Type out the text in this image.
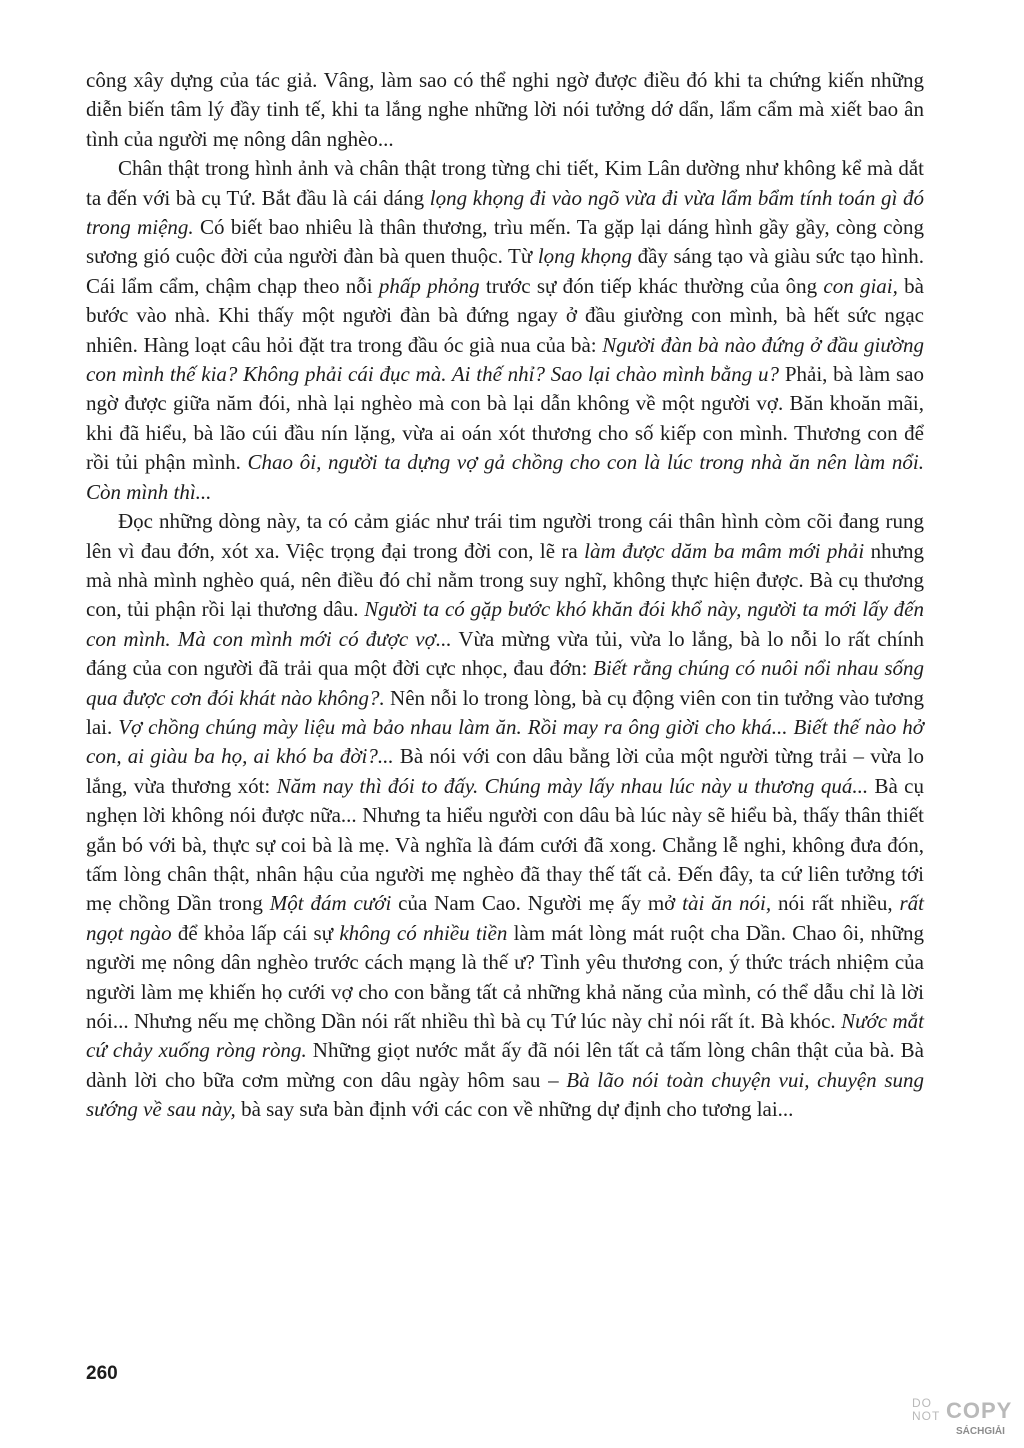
công xây dựng của tác giả. Vâng, làm sao có thể nghi ngờ được điều đó khi ta chứng kiến những diễn biến tâm lý đầy tinh tế, khi ta lắng nghe những lời nói tưởng dớ dẩn, lẩm cẩm mà xiết bao ân tình của người mẹ nông dân nghèo...

Chân thật trong hình ảnh và chân thật trong từng chi tiết, Kim Lân dường như không kể mà dắt ta đến với bà cụ Tứ. Bắt đầu là cái dáng lọng khọng đi vào ngõ vừa đi vừa lẩm bẩm tính toán gì đó trong miệng. Có biết bao nhiêu là thân thương, trìu mến. Ta gặp lại dáng hình gầy gầy, còng còng sương gió cuộc đời của người đàn bà quen thuộc. Từ lọng khọng đầy sáng tạo và giàu sức tạo hình. Cái lẩm cẩm, chậm chạp theo nỗi phấp phỏng trước sự đón tiếp khác thường của ông con giai, bà bước vào nhà. Khi thấy một người đàn bà đứng ngay ở đầu giường con mình, bà hết sức ngạc nhiên. Hàng loạt câu hỏi đặt tra trong đầu óc già nua của bà: Người đàn bà nào đứng ở đầu giường con mình thế kia? Không phải cái đục mà. Ai thế nhỉ? Sao lại chào mình bằng u? Phải, bà làm sao ngờ được giữa năm đói, nhà lại nghèo mà con bà lại dẫn không về một người vợ. Băn khoăn mãi, khi đã hiểu, bà lão cúi đầu nín lặng, vừa ai oán xót thương cho số kiếp con mình. Thương con để rồi tủi phận mình. Chao ôi, người ta dựng vợ gả chồng cho con là lúc trong nhà ăn nên làm nổi. Còn mình thì...

Đọc những dòng này, ta có cảm giác như trái tim người trong cái thân hình còm cõi đang rung lên vì đau đớn, xót xa. Việc trọng đại trong đời con, lẽ ra làm được dăm ba mâm mới phải nhưng mà nhà mình nghèo quá, nên điều đó chỉ nằm trong suy nghĩ, không thực hiện được. Bà cụ thương con, tủi phận rồi lại thương dâu. Người ta có gặp bước khó khăn đói khổ này, người ta mới lấy đến con mình. Mà con mình mới có được vợ... Vừa mừng vừa tủi, vừa lo lắng, bà lo nỗi lo rất chính đáng của con người đã trải qua một đời cực nhọc, đau đớn: Biết rằng chúng có nuôi nổi nhau sống qua được cơn đói khát nào không?. Nên nỗi lo trong lòng, bà cụ động viên con tin tưởng vào tương lai. Vợ chồng chúng mày liệu mà bảo nhau làm ăn. Rồi may ra ông giời cho khá... Biết thế nào hở con, ai giàu ba họ, ai khó ba đời?... Bà nói với con dâu bằng lời của một người từng trải – vừa lo lắng, vừa thương xót: Năm nay thì đói to đấy. Chúng mày lấy nhau lúc này u thương quá... Bà cụ nghẹn lời không nói được nữa... Nhưng ta hiểu người con dâu bà lúc này sẽ hiểu bà, thấy thân thiết gắn bó với bà, thực sự coi bà là mẹ. Và nghĩa là đám cưới đã xong. Chẳng lễ nghi, không đưa đón, tấm lòng chân thật, nhân hậu của người mẹ nghèo đã thay thế tất cả. Đến đây, ta cứ liên tưởng tới mẹ chồng Dần trong Một đám cưới của Nam Cao. Người mẹ ấy mở tài ăn nói, nói rất nhiều, rất ngọt ngào để khỏa lấp cái sự không có nhiều tiền làm mát lòng mát ruột cha Dần. Chao ôi, những người mẹ nông dân nghèo trước cách mạng là thế ư? Tình yêu thương con, ý thức trách nhiệm của người làm mẹ khiến họ cưới vợ cho con bằng tất cả những khả năng của mình, có thể dẫu chỉ là lời nói... Nhưng nếu mẹ chồng Dần nói rất nhiều thì bà cụ Tứ lúc này chỉ nói rất ít. Bà khóc. Nước mắt cứ chảy xuống ròng ròng. Những giọt nước mắt ấy đã nói lên tất cả tấm lòng chân thật của bà. Bà dành lời cho bữa cơm mừng con dâu ngày hôm sau – Bà lão nói toàn chuyện vui, chuyện sung sướng về sau này, bà say sưa bàn định với các con về những dự định cho tương lai...

260
DO
NOT COPY
SÁCHGIẢI
